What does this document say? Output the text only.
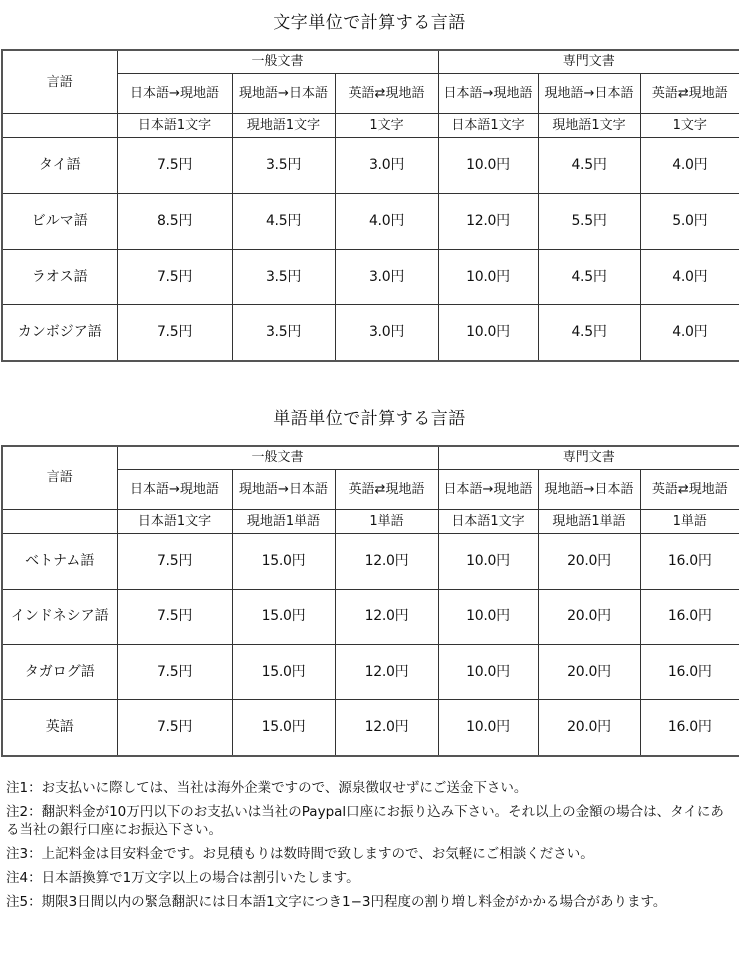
文字単位で計算する言語
言語	一般文書			専門文書		
	日本語→現地語	現地語→日本語	英語⇄現地語	日本語→現地語	現地語→日本語	英語⇄現地語
	日本語1文字	現地語1文字	1文字	日本語1文字	現地語1文字	1文字
タイ語	7.5円	3.5円	3.0円	10.0円	4.5円	4.0円
ビルマ語	8.5円	4.5円	4.0円	12.0円	5.5円	5.0円
ラオス語	7.5円	3.5円	3.0円	10.0円	4.5円	4.0円
カンボジア語	7.5円	3.5円	3.0円	10.0円	4.5円	4.0円
単語単位で計算する言語
言語	一般文書			専門文書		
	日本語→現地語	現地語→日本語	英語⇄現地語	日本語→現地語	現地語→日本語	英語⇄現地語
	日本語1文字	現地語1単語	1単語	日本語1文字	現地語1単語	1単語
ベトナム語	7.5円	15.0円	12.0円	10.0円	20.0円	16.0円
インドネシア語	7.5円	15.0円	12.0円	10.0円	20.0円	16.0円
タガログ語	7.5円	15.0円	12.0円	10.0円	20.0円	16.0円
英語	7.5円	15.0円	12.0円	10.0円	20.0円	16.0円

注1：お支払いに際しては、当社は海外企業ですので、源泉徴収せずにご送金下さい。

注2：翻訳料金が10万円以下のお支払いは当社のPaypal口座にお振り込み下さい。それ以上の金額の場合は、タイにある当社の銀行口座にお振込下さい。

注3：上記料金は目安料金です。お見積もりは数時間で致しますので、お気軽にご相談ください。

注4：日本語換算で1万文字以上の場合は割引いたします。

注5：期限3日間以内の緊急翻訳には日本語1文字につき1−3円程度の割り増し料金がかかる場合があります。
